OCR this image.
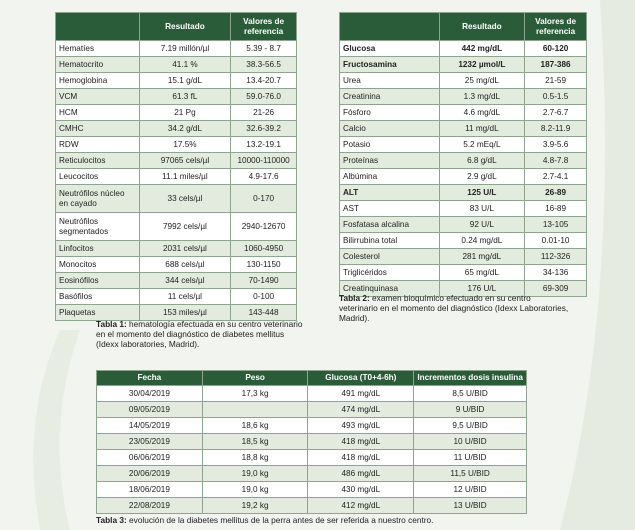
	Resultado	Valores de referencia
Hematíes	7.19 millón/µl	5.39 - 8.7
Hematocrito	41.1 %	38.3-56.5
Hemoglobina	15.1 g/dL	13.4-20.7
VCM	61.3 fL	59.0-76.0
HCM	21 Pg	21-26
CMHC	34.2 g/dL	32.6-39.2
RDW	17.5%	13.2-19.1
Reticulocitos	97065 cels/µl	10000-110000
Leucocitos	11.1 miles/µl	4.9-17.6
Neutrófilos núcleo en cayado	33 cels/µl	0-170
Neutrófilos segmentados	7992 cels/µl	2940-12670
Linfocitos	2031 cels/µl	1060-4950
Monocitos	688 cels/µl	130-1150
Eosinófilos	344 cels/µl	70-1490
Basófilos	11 cels/µl	0-100
Plaquetas	153 miles/µl	143-448
Tabla 1: hematología efectuada en su centro veterinario en el momento del diagnóstico de diabetes mellitus (Idexx laboratories, Madrid).
	Resultado	Valores de referencia
Glucosa	442 mg/dL	60-120
Fructosamina	1232 µmol/L	187-386
Urea	25 mg/dL	21-59
Creatinina	1.3 mg/dL	0.5-1.5
Fósforo	4.6 mg/dL	2.7-6.7
Calcio	11 mg/dL	8.2-11.9
Potasio	5.2 mEq/L	3.9-5.6
Proteínas	6.8 g/dL	4.8-7.8
Albúmina	2.9 g/dL	2.7-4.1
ALT	125 U/L	26-89
AST	83 U/L	16-89
Fosfatasa alcalina	92 U/L	13-105
Bilirrubina total	0.24 mg/dL	0.01-10
Colesterol	281 mg/dL	112-326
Triglicéridos	65 mg/dL	34-136
Creatinquinasa	176 U/L	69-309
Tabla 2: examen bioquímico efectuado en su centro veterinario en el momento del diagnóstico (Idexx Laboratories, Madrid).
Fecha	Peso	Glucosa (T0+4-6h)	Incrementos dosis insulina
30/04/2019	17,3 kg	491 mg/dL	8,5 U/BID
09/05/2019		474 mg/dL	9 U/BID
14/05/2019	18,6 kg	493 mg/dL	9,5 U/BID
23/05/2019	18,5 kg	418 mg/dL	10 U/BID
06/06/2019	18,8 kg	418 mg/dL	11 U/BID
20/06/2019	19,0 kg	486 mg/dL	11,5 U/BID
18/06/2019	19,0 kg	430 mg/dL	12 U/BID
22/08/2019	19,2 kg	412 mg/dL	13 U/BID
Tabla 3: evolución de la diabetes mellitus de la perra antes de ser referida a nuestro centro.
